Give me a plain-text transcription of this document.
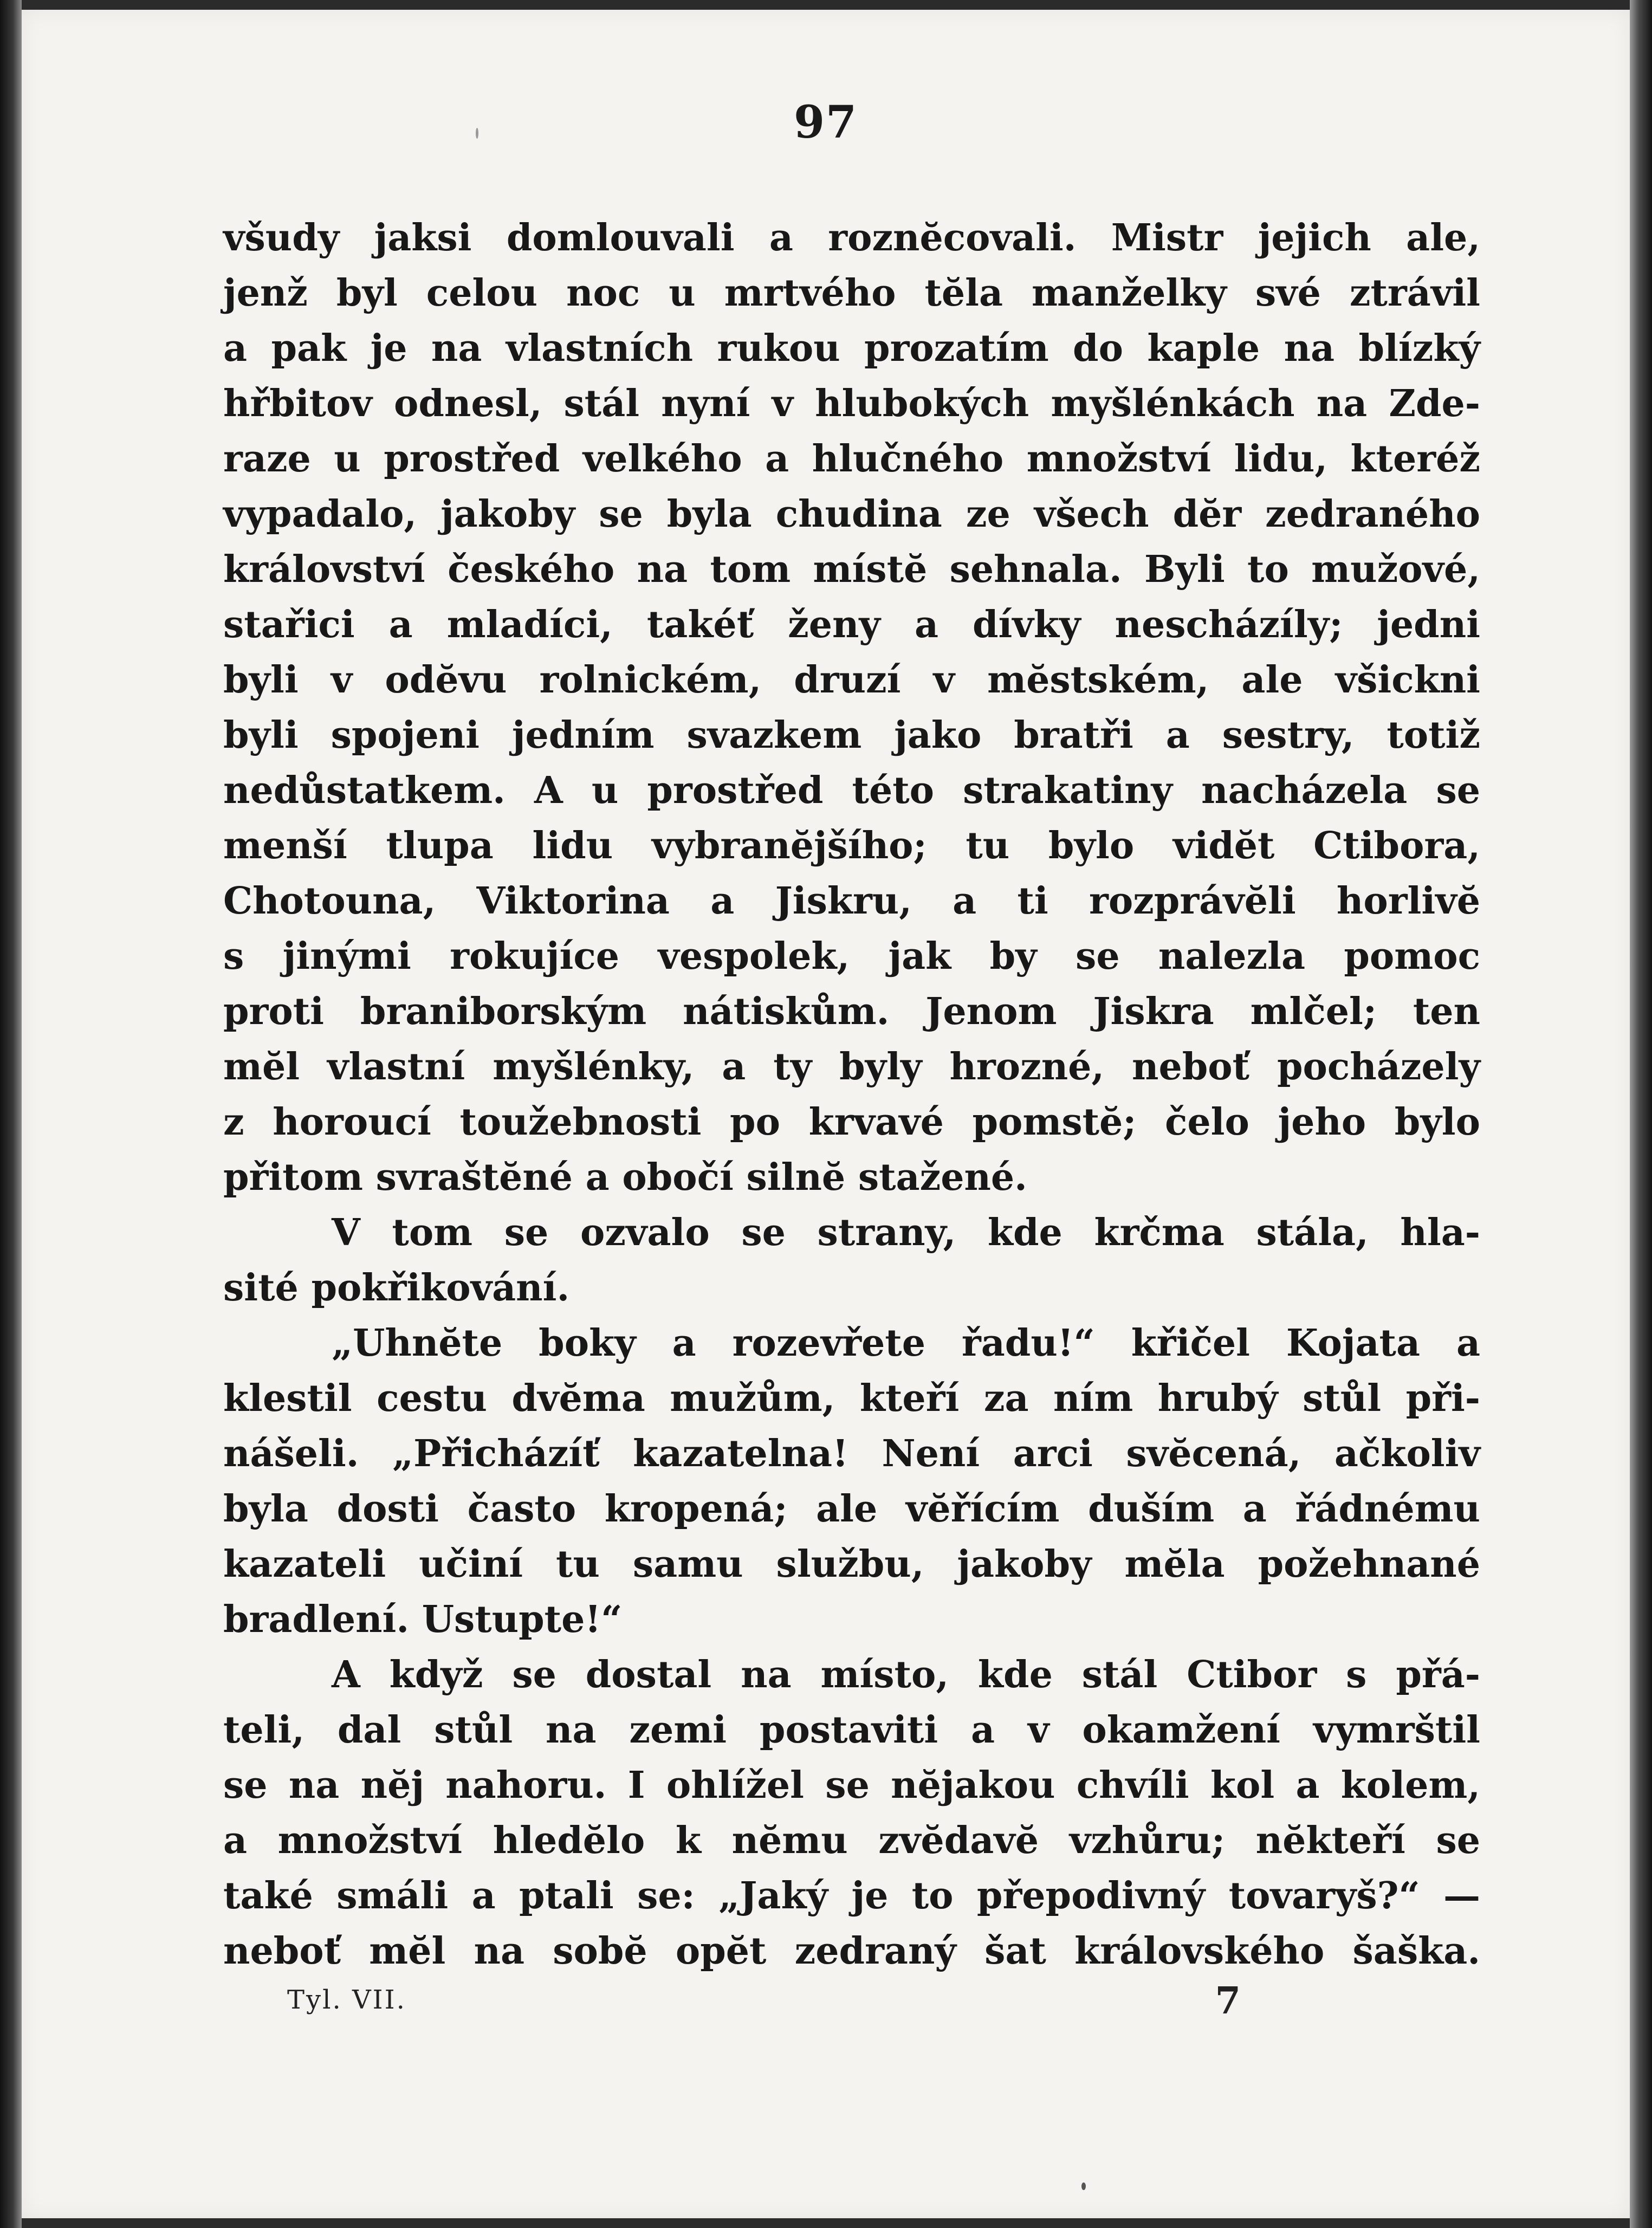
97
všudy jaksi domlouvali a roznĕcovali. Mistr jejich ale,
jenž byl celou noc u mrtvého tĕla manželky své ztrávil
a pak je na vlastních rukou prozatím do kaple na blízký
hřbitov odnesl, stál nyní v hlubokých myšlénkách na Zde-
raze u prostřed velkého a hlučného množství lidu, kteréž
vypadalo, jakoby se byla chudina ze všech dĕr zedraného
království českého na tom místĕ sehnala. Byli to mužové,
stařici a mladíci, takéť ženy a dívky nescházíly; jedni
byli v odĕvu rolnickém, druzí v mĕstském, ale všickni
byli spojeni jedním svazkem jako bratři a sestry, totiž
nedůstatkem. A u prostřed této strakatiny nacházela se
menší tlupa lidu vybranĕjšího; tu bylo vidĕt Ctibora,
Chotouna, Viktorina a Jiskru, a ti rozprávĕli horlivĕ
s jinými rokujíce vespolek, jak by se nalezla pomoc
proti braniborským nátiskům. Jenom Jiskra mlčel; ten
mĕl vlastní myšlénky, a ty byly hrozné, neboť pocházely
z horoucí toužebnosti po krvavé pomstĕ; čelo jeho bylo
přitom svraštĕné a obočí silnĕ stažené.
V tom se ozvalo se strany, kde krčma stála, hla-
sité pokřikování.
„Uhnĕte boky a rozevřete řadu!“ křičel Kojata a
klestil cestu dvĕma mužům, kteří za ním hrubý stůl při-
nášeli. „Přicházíť kazatelna! Není arci svĕcená, ačkoliv
byla dosti často kropená; ale vĕřícím duším a řádnému
kazateli učiní tu samu službu, jakoby mĕla požehnané
bradlení. Ustupte!“
A když se dostal na místo, kde stál Ctibor s přá-
teli, dal stůl na zemi postaviti a v okamžení vymrštil
se na nĕj nahoru. I ohlížel se nĕjakou chvíli kol a kolem,
a množství hledĕlo k nĕmu zvĕdavĕ vzhůru; nĕkteří se
také smáli a ptali se: „Jaký je to přepodivný tovaryš?“ —
neboť mĕl na sobĕ opĕt zedraný šat královského šaška.
Tyl. VII.	7
